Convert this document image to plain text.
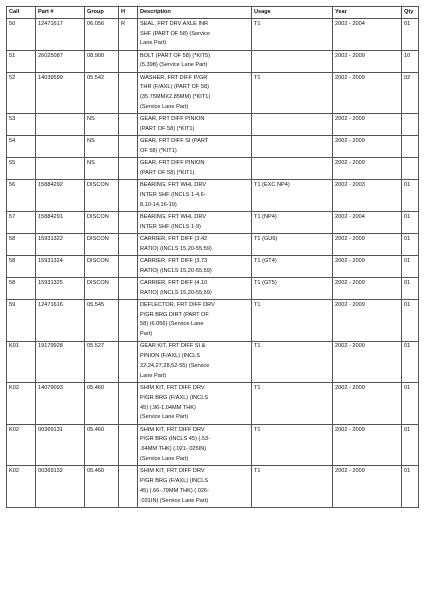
Call	Part #	Group	H	Description	Usage	Year	Qty
50	12471617	06.056	R	SEAL, FRT DRV AXLE INR
SHF (PART OF 58) (Service
Lane Part)	T1	2002 - 2004	01
51	26025087	08.900		BOLT (PART OF 58) (*KIT5)
(5.398) (Service Lane Part)		2002 - 2009	10
52	14039599	05.542		WASHER, FRT DIFF P/GR
THR (F/AXL) (PART OF 58)
(35.75MMX2.85MM) (*KIT1)
(Service Lane Part)	T1	2002 - 2009	02
53		NS		GEAR, FRT DIFF PINION
(PART OF 58) (*KIT1)		2002 - 2009	
54		NS		GEAR, FRT DIFF SI (PART
OF 58) (*KIT1)		2002 - 2009	
55		NS		GEAR, FRT DIFF PINION
(PART OF 58) (*KIT1)		2002 - 2009	
56	15884292	DISCON		BEARING, FRT WHL DRV
INTER SHF (INCLS 1-4,6-
8,10-14,16-19)	T1 (EXC NP4)	2002 - 2003	01
57	15884291	DISCON		BEARING, FRT WHL DRV
INTER SHF (INCLS 1-9)	T1 (NP4)	2002 - 2004	01
58	15931322	DISCON		CARRIER, FRT DIFF (3.42
RATIO) (INCLS 15,20-55,59)	T1 (GU6)	2002 - 2009	01
58	15931324	DISCON		CARRIER, FRT DIFF (3.73
RATIO) (INCLS 15,20-55,59)	T1 (GT4)	2002 - 2009	01
58	15931325	DISCON		CARRIER, FRT DIFF (4.10
RATIO) (INCLS 15,20-55,59)	T1 (GT5)	2002 - 2009	01
59	12471616	05.545		DEFLECTOR, FRT DIFF DRV
P/GR BRG DIRT (PART OF
58) (6.056) (Service Lane
Part)	T1	2002 - 2009	01
K01	19179928	05.527		GEAR KIT, FRT DIFF SI &
PINION (F/AXL) (INCLS
22,24,27,28,52-55) (Service
Lane Part)	T1	2002 - 2009	01
K02	14079093	05.460		SHIM KIT, FRT DIFF DRV
P/GR BRG (F/AXL) (INCLS
45) (.96-1.04MM THK)
(Service Lane Part)	T1	2002 - 2009	01
K02	00369131	05.460		SHIM KIT, FRT DIFF DRV
P/GR BRG (INCLS 45) (.53-
.64MM THK) (.021-.025IN)
(Service Lane Part)	T1	2002 - 2009	01
K02	00369132	05.460		SHIM KIT, FRT DIFF DRV
P/GR BRG (F/AXL) (INCLS
45) (.66-.79MM THK) (.026-
.031IN) (Service Lane Part)	T1	2002 - 2009	01
